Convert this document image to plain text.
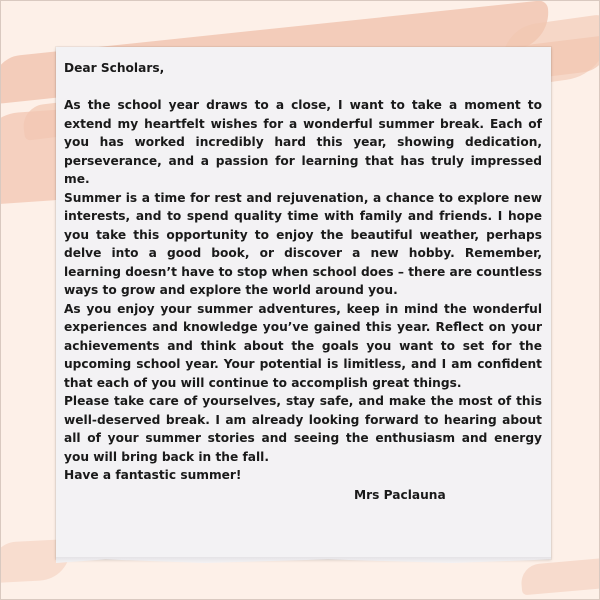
Dear Scholars,

As the school year draws to a close, I want to take a moment to extend my heartfelt wishes for a wonderful summer break. Each of you has worked incredibly hard this year, showing dedication, perseverance, and a passion for learning that has truly impressed me.

Summer is a time for rest and rejuvenation, a chance to explore new interests, and to spend quality time with family and friends. I hope you take this opportunity to enjoy the beautiful weather, perhaps delve into a good book, or discover a new hobby. Remember, learning doesn’t have to stop when school does – there are countless ways to grow and explore the world around you.

As you enjoy your summer adventures, keep in mind the wonderful experiences and knowledge you’ve gained this year. Reflect on your achievements and think about the goals you want to set for the upcoming school year. Your potential is limitless, and I am confident that each of you will continue to accomplish great things.

Please take care of yourselves, stay safe, and make the most of this well-deserved break. I am already looking forward to hearing about all of your summer stories and seeing the enthusiasm and energy you will bring back in the fall.

Have a fantastic summer!

Mrs Paclauna
